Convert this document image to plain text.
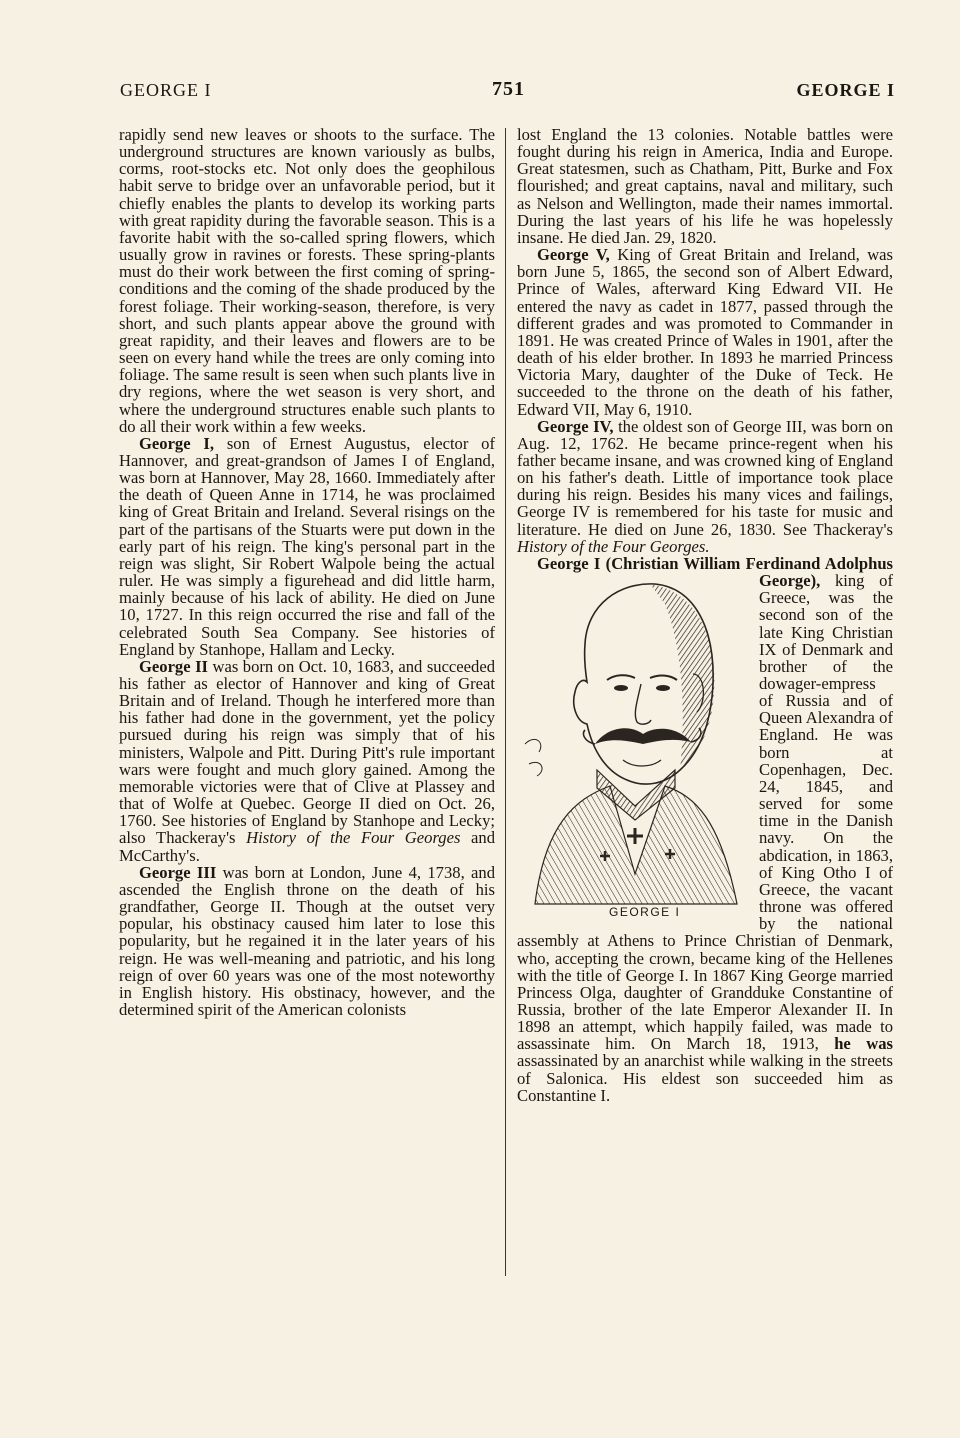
GEORGE I	751	GEORGE I

rapidly send new leaves or shoots to the surface. The underground structures are known variously as bulbs, corms, root-stocks etc. Not only does the geophilous habit serve to bridge over an unfavorable period, but it chiefly enables the plants to develop its working parts with great rapidity during the favorable season. This is a favorite habit with the so-called spring flowers, which usually grow in ravines or forests. These spring-plants must do their work between the first coming of spring-conditions and the coming of the shade produced by the forest foliage. Their working-season, therefore, is very short, and such plants appear above the ground with great rapidity, and their leaves and flowers are to be seen on every hand while the trees are only coming into foliage. The same result is seen when such plants live in dry regions, where the wet season is very short, and where the underground structures enable such plants to do all their work within a few weeks.

George I, son of Ernest Augustus, elector of Hannover, and great-grandson of James I of England, was born at Hannover, May 28, 1660. Immediately after the death of Queen Anne in 1714, he was proclaimed king of Great Britain and Ireland. Several risings on the part of the partisans of the Stuarts were put down in the early part of his reign. The king's personal part in the reign was slight, Sir Robert Walpole being the actual ruler. He was simply a figurehead and did little harm, mainly because of his lack of ability. He died on June 10, 1727. In this reign occurred the rise and fall of the celebrated South Sea Company. See histories of England by Stanhope, Hallam and Lecky.

George II was born on Oct. 10, 1683, and succeeded his father as elector of Hannover and king of Great Britain and of Ireland. Though he interfered more than his father had done in the government, yet the policy pursued during his reign was simply that of his ministers, Walpole and Pitt. During Pitt's rule important wars were fought and much glory gained. Among the memorable victories were that of Clive at Plassey and that of Wolfe at Quebec. George II died on Oct. 26, 1760. See histories of England by Stanhope and Lecky; also Thackeray's History of the Four Georges and McCarthy's.

George III was born at London, June 4, 1738, and ascended the English throne on the death of his grandfather, George II. Though at the outset very popular, his obstinacy caused him later to lose this popularity, but he regained it in the later years of his reign. He was well-meaning and patriotic, and his long reign of over 60 years was one of the most noteworthy in English history. His obstinacy, however, and the determined spirit of the American colonists

lost England the 13 colonies. Notable battles were fought during his reign in America, India and Europe. Great statesmen, such as Chatham, Pitt, Burke and Fox flourished; and great captains, naval and military, such as Nelson and Wellington, made their names immortal. During the last years of his life he was hopelessly insane. He died Jan. 29, 1820.

George V, King of Great Britain and Ireland, was born June 5, 1865, the second son of Albert Edward, Prince of Wales, afterward King Edward VII. He entered the navy as cadet in 1877, passed through the different grades and was promoted to Commander in 1891. He was created Prince of Wales in 1901, after the death of his elder brother. In 1893 he married Princess Victoria Mary, daughter of the Duke of Teck. He succeeded to the throne on the death of his father, Edward VII, May 6, 1910.

George IV, the oldest son of George III, was born on Aug. 12, 1762. He became prince-regent when his father became insane, and was crowned king of England on his father's death. Little of importance took place during his reign. Besides his many vices and failings, George IV is remembered for his taste for music and literature. He died on June 26, 1830. See Thackeray's History of the Four Georges.

George I (Christian William Ferdinand Adolphus George),
GEORGE I
king of Greece, was the second son of the late King Christian IX of Denmark and brother of the dowager-empress of Russia and of Queen Alexandra of England. He was born at Copenhagen, Dec. 24, 1845, and served for some time in the Danish navy. On the abdication, in 1863, of King Otho I of Greece, the vacant throne was offered by the national assembly at Athens to Prince Christian of Denmark, who, accepting the crown, became king of the Hellenes with the title of George I. In 1867 King George married Princess Olga, daughter of Grandduke Constantine of Russia, brother of the late Emperor Alexander II. In 1898 an attempt, which happily failed, was made to assassinate him. On March 18, 1913, he was assassinated by an anarchist while walking in the streets of Salonica. His eldest son succeeded him as Constantine I.
